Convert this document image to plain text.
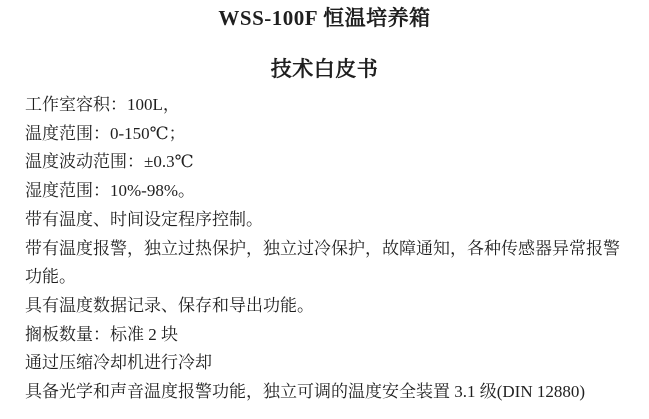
WSS-100F 恒温培养箱
技术白皮书
工作室容积：100L，
温度范围：0-150℃；
温度波动范围：±0.3℃
湿度范围：10%-98%。
带有温度、时间设定程序控制。
带有温度报警，独立过热保护，独立过冷保护，故障通知，各种传感器异常报警
功能。
具有温度数据记录、保存和导出功能。
搁板数量：标准 2 块
通过压缩冷却机进行冷却
具备光学和声音温度报警功能，独立可调的温度安全装置 3.1 级(DIN 12880)
